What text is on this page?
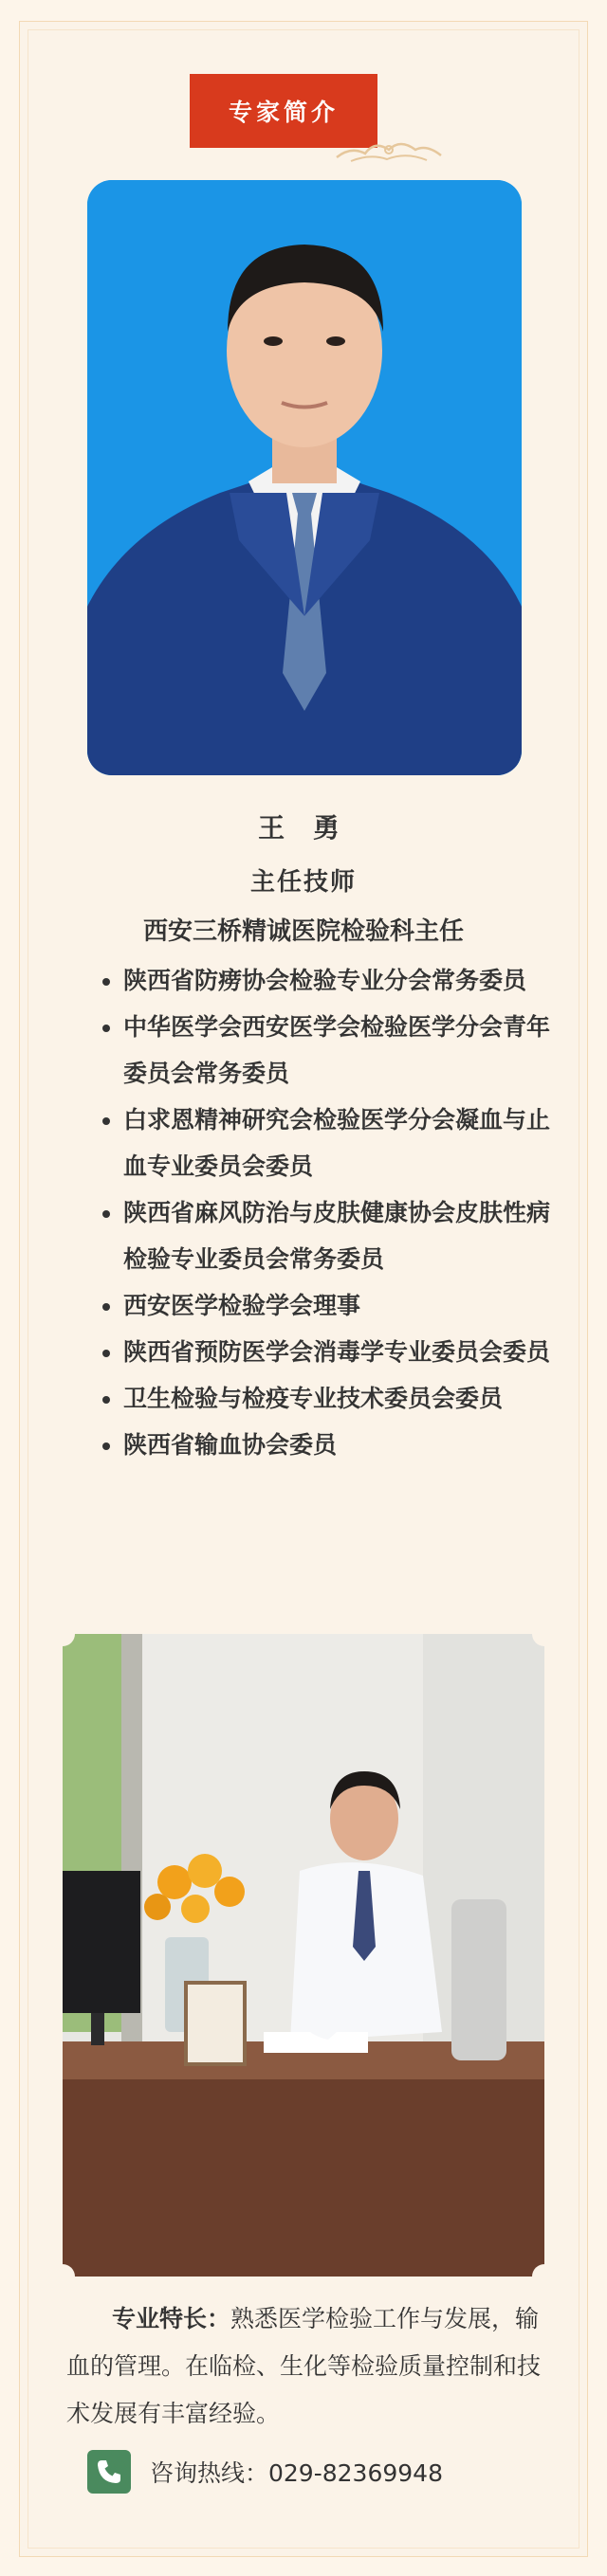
专家简介
王 勇
主任技师
西安三桥精诚医院检验科主任
• 陕西省防痨协会检验专业分会常务委员
• 中华医学会西安医学会检验医学分会青年委员会常务委员
• 白求恩精神研究会检验医学分会凝血与止血专业委员会委员
• 陕西省麻风防治与皮肤健康协会皮肤性病检验专业委员会常务委员
• 西安医学检验学会理事
• 陕西省预防医学会消毒学专业委员会委员
• 卫生检验与检疫专业技术委员会委员
• 陕西省输血协会委员
专业特长：熟悉医学检验工作与发展，输血的管理。在临检、生化等检验质量控制和技术发展有丰富经验。
咨询热线：029-82369948
